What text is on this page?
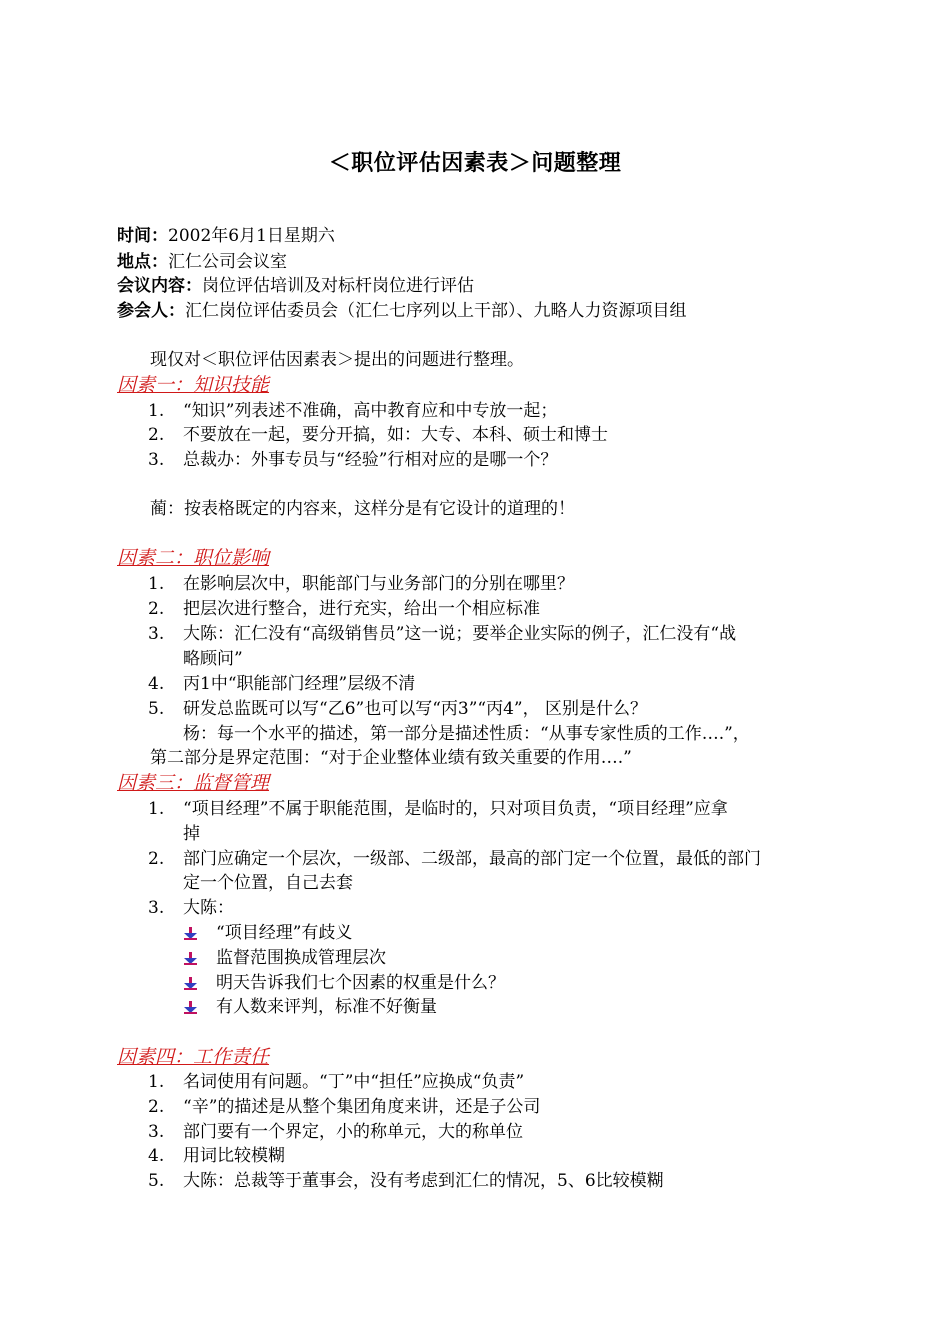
＜职位评估因素表＞问题整理
时间：2002年6月1日星期六
地点：汇仁公司会议室
会议内容：岗位评估培训及对标杆岗位进行评估
参会人：汇仁岗位评估委员会（汇仁七序列以上干部）、九略人力资源项目组
现仅对＜职位评估因素表＞提出的问题进行整理。
因素一：知识技能
1.	“知识”列表述不准确，高中教育应和中专放一起；
2.	不要放在一起，要分开搞，如：大专、本科、硕士和博士
3.	总裁办：外事专员与“经验”行相对应的是哪一个？
蔺：按表格既定的内容来，这样分是有它设计的道理的！
因素二：职位影响
1.	在影响层次中，职能部门与业务部门的分别在哪里？
2.	把层次进行整合，进行充实，给出一个相应标准
3.	大陈：汇仁没有“高级销售员”这一说；要举企业实际的例子，汇仁没有“战
略顾问”
4.	丙1中“职能部门经理”层级不清
5.	研发总监既可以写“乙6”也可以写“丙3”“丙4”， 区别是什么？
杨：每一个水平的描述，第一部分是描述性质：“从事专家性质的工作….”，
第二部分是界定范围：“对于企业整体业绩有致关重要的作用….”
因素三：监督管理
1.	“项目经理”不属于职能范围，是临时的，只对项目负责，“项目经理”应拿
掉
2.	部门应确定一个层次，一级部、二级部，最高的部门定一个位置，最低的部门
定一个位置，自己去套
3.	大陈：
“项目经理”有歧义
监督范围换成管理层次
明天告诉我们七个因素的权重是什么？
有人数来评判，标准不好衡量
因素四：工作责任
1.	名词使用有问题。“丁”中“担任”应换成“负责”
2.	“辛”的描述是从整个集团角度来讲，还是子公司
3.	部门要有一个界定，小的称单元，大的称单位
4.	用词比较模糊
5.	大陈：总裁等于董事会，没有考虑到汇仁的情况，5、6比较模糊
